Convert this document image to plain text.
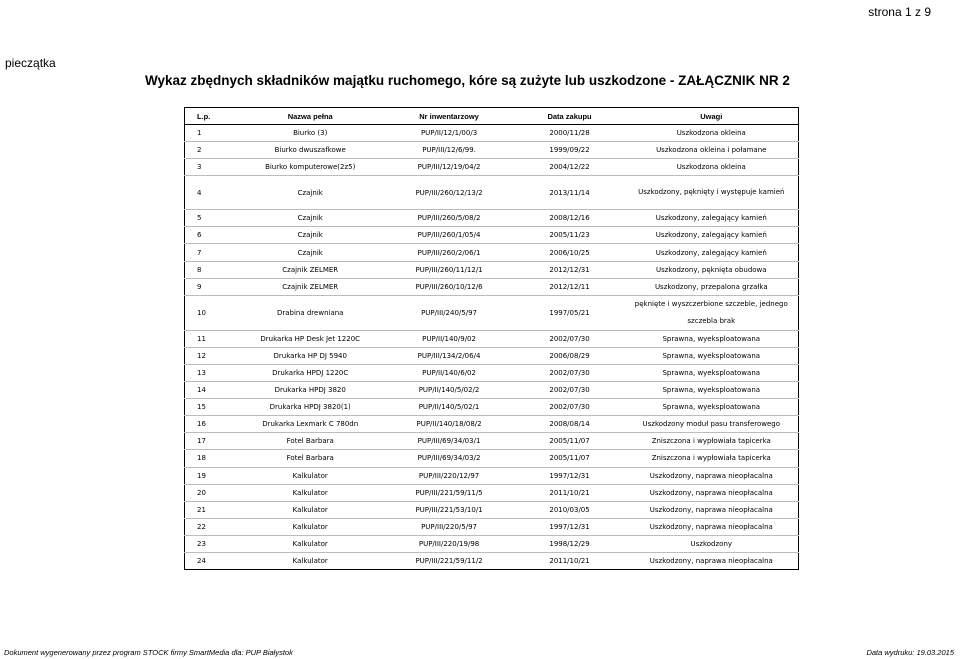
strona 1 z 9
pieczątka
Wykaz zbędnych składników majątku ruchomego, kóre są zużyte lub uszkodzone - ZAŁĄCZNIK NR 2
L.p.	Nazwa pełna	Nr inwentarzowy	Data zakupu	Uwagi
1	Biurko (3)	PUP/II/12/1/00/3	2000/11/28	Uszkodzona okleina
2	Biurko dwuszafkowe	PUP/III/12/6/99.	1999/09/22	Uszkodzona okleina i połamane
3	Biurko komputerowe(2z5)	PUP/III/12/19/04/2	2004/12/22	Uszkodzona okleina
4	Czajnik	PUP/III/260/12/13/2	2013/11/14	Uszkodzony, pęknięty i występuje kamień

5	Czajnik	PUP/III/260/5/08/2	2008/12/16	Uszkodzony, zalegający kamień
6	Czajnik	PUP/III/260/1/05/4	2005/11/23	Uszkodzony, zalegający kamień
7	Czajnik	PUP/III/260/2/06/1	2006/10/25	Uszkodzony, zalegający kamień
8	Czajnik ZELMER	PUP/III/260/11/12/1	2012/12/31	Uszkodzony, pęknięta obudowa
9	Czajnik ZELMER	PUP/III/260/10/12/6	2012/12/11	Uszkodzony, przepalona grzałka
10	Drabina drewniana	PUP/III/240/5/97	1997/05/21	pęknięte i wyszczerbione szczeble, jednego szczebla brak

11	Drukarka HP Desk Jet 1220C	PUP/II/140/9/02	2002/07/30	Sprawna, wyeksploatowana
12	Drukarka HP DJ 5940	PUP/III/134/2/06/4	2006/08/29	Sprawna, wyeksploatowana
13	Drukarka HPDJ 1220C	PUP/II/140/6/02	2002/07/30	Sprawna, wyeksploatowana
14	Drukarka HPDJ 3820	PUP/II/140/5/02/2	2002/07/30	Sprawna, wyeksploatowana
15	Drukarka HPDJ 3820(1)	PUP/II/140/5/02/1	2002/07/30	Sprawna, wyeksploatowana
16	Drukarka Lexmark C 780dn	PUP/II/140/18/08/2	2008/08/14	Uszkodzony moduł pasu transferowego
17	Fotel Barbara	PUP/III/69/34/03/1	2005/11/07	Zniszczona i wypłowiała tapicerka
18	Fotel Barbara	PUP/III/69/34/03/2	2005/11/07	Zniszczona i wypłowiała tapicerka
19	Kalkulator	PUP/III/220/12/97	1997/12/31	Uszkodzony, naprawa nieopłacalna
20	Kalkulator	PUP/III/221/59/11/5	2011/10/21	Uszkodzony, naprawa nieopłacalna
21	Kalkulator	PUP/III/221/53/10/1	2010/03/05	Uszkodzony, naprawa nieopłacalna
22	Kalkulator	PUP/III/220/5/97	1997/12/31	Uszkodzony, naprawa nieopłacalna
23	Kalkulator	PUP/III/220/19/98	1998/12/29	Uszkodzony
24	Kalkulator	PUP/III/221/59/11/2	2011/10/21	Uszkodzony, naprawa nieopłacalna
Dokument wygenerowany przez program STOCK firmy SmartMedia dla: PUP Białystok	Data wydruku: 19.03.2015
